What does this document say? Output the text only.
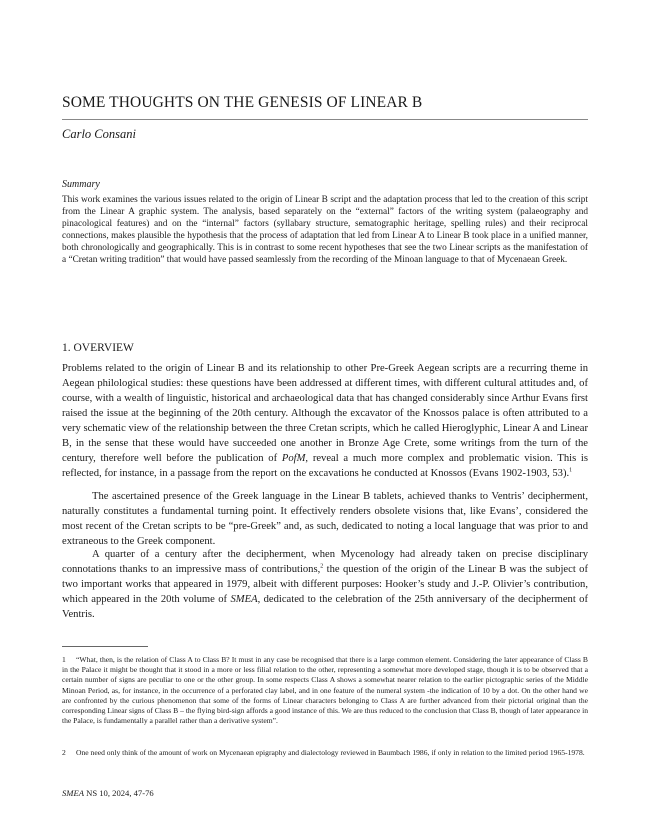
SOME THOUGHTS ON THE GENESIS OF LINEAR B
Carlo Consani
Summary

This work examines the various issues related to the origin of Linear B script and the adaptation process that led to the creation of this script from the Linear A graphic system. The analysis, based separately on the “external” factors of the writing system (palaeography and pinacological features) and on the “internal” factors (syllabary structure, sematographic heritage, spelling rules) and their reciprocal connections, makes plausible the hypothesis that the process of adaptation that led from Linear A to Linear B took place in a unified manner, both chronologically and geographically. This is in contrast to some recent hypotheses that see the two Linear scripts as the manifestation of a “Cretan writing tradition” that would have passed seamlessly from the recording of the Minoan language to that of Mycenaean Greek.

1. OVERVIEW

Problems related to the origin of Linear B and its relationship to other Pre-Greek Aegean scripts are a recurring theme in Aegean philological studies: these questions have been addressed at different times, with different cultural attitudes and, of course, with a wealth of linguistic, historical and archaeological data that has changed considerably since Arthur Evans first raised the issue at the beginning of the 20th century. Although the excavator of the Knossos palace is often attributed to a very schematic view of the relationship between the three Cretan scripts, which he called Hieroglyphic, Linear A and Linear B, in the sense that these would have succeeded one another in Bronze Age Crete, some writings from the turn of the century, therefore well before the publication of PofM, reveal a much more complex and problematic vision. This is reflected, for instance, in a passage from the report on the excavations he conducted at Knossos (Evans 1902-1903, 53).$^1$

The ascertained presence of the Greek language in the Linear B tablets, achieved thanks to Ventris’ decipherment, naturally constitutes a fundamental turning point. It effectively renders obsolete visions that, like Evans’, considered the most recent of the Cretan scripts to be “pre-Greek” and, as such, dedicated to noting a local language that was prior to and extraneous to the Greek component.

A quarter of a century after the decipherment, when Mycenology had already taken on precise disciplinary connotations thanks to an impressive mass of contributions,$^2$ the question of the origin of the Linear B was the subject of two important works that appeared in 1979, albeit with different purposes: Hooker’s study and J.-P. Olivier’s contribution, which appeared in the 20th volume of SMEA, dedicated to the celebration of the 25th anniversary of the decipherment of Ventris.

1 “What, then, is the relation of Class A to Class B? It must in any case be recognised that there is a large common element. Considering the later appearance of Class B in the Palace it might be thought that it stood in a more or less filial relation to the other, representing a somewhat more developed stage, though it is to be observed that a certain number of signs are peculiar to one or the other group. In some respects Class A shows a somewhat nearer relation to the earlier pictographic series of the Middle Minoan Period, as, for instance, in the occurrence of a perforated clay label, and in one feature of the numeral system -the indication of 10 by a dot. On the other hand we are confronted by the curious phenomenon that some of the forms of Linear characters belonging to Class A are further advanced from their pictorial original than the corresponding Linear signs of Class B – the flying bird-sign affords a good instance of this. We are thus reduced to the conclusion that Class B, though of later appearance in the Palace, is fundamentally a parallel rather than a derivative system”.

2 One need only think of the amount of work on Mycenaean epigraphy and dialectology reviewed in Baumbach 1986, if only in relation to the limited period 1965-1978.

SMEA NS 10, 2024, 47-76
